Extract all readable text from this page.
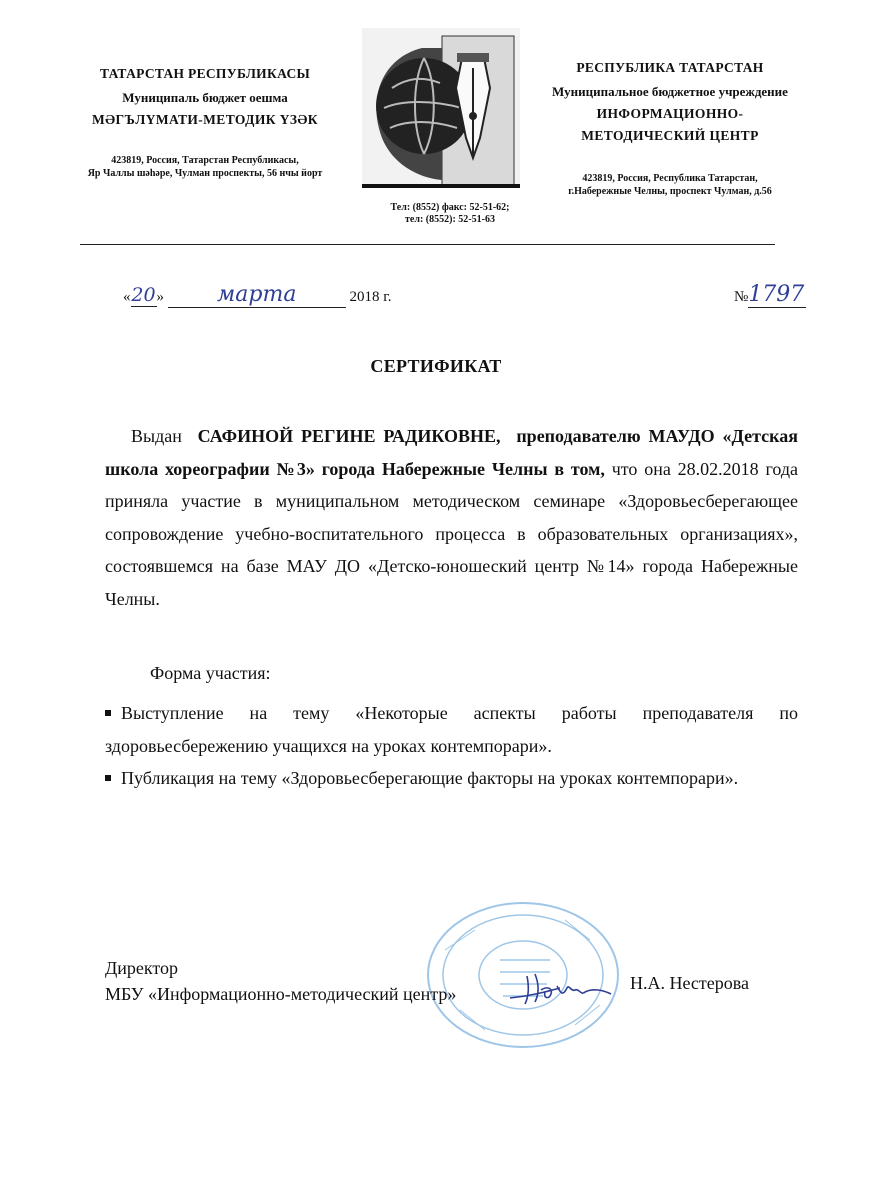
ТАТАРСТАН РЕСПУБЛИКАСЫ
Муниципаль бюджет оешма
МӘГЪЛҮМАТИ-МЕТОДИК ҮЗӘК
423819, Россия, Татарстан Республикасы,
Яр Чаллы шәһәре, Чулман проспекты, 56 нчы йорт
Тел: (8552) факс: 52-51-62;
тел: (8552): 52-51-63
РЕСПУБЛИКА ТАТАРСТАН
Муниципальное бюджетное учреждение
ИНФОРМАЦИОННО-
МЕТОДИЧЕСКИЙ ЦЕНТР
423819, Россия, Республика Татарстан,
г.Набережные Челны, проспект Чулман, д.56
«20» марта	2018 г.	№1797
СЕРТИФИКАТ

Выдан САФИНОЙ РЕГИНЕ РАДИКОВНЕ, преподавателю МАУДО «Детская школа хореографии №3» города Набережные Челны в том, что она 28.02.2018 года приняла участие в муниципальном методическом семинаре «Здоровьесберегающее сопровождение учебно-воспитательного процесса в образовательных организациях», состоявшемся на базе МАУ ДО «Детско-юношеский центр №14» города Набережные Челны.

Форма участия:

Выступление на тему «Некоторые аспекты работы преподавателя по здоровьесбережению учащихся на уроках контемпорари».

Публикация на тему «Здоровьесберегающие факторы на уроках контемпорари».

Директор
МБУ «Информационно-методический центр»
Н.А. Нестерова
